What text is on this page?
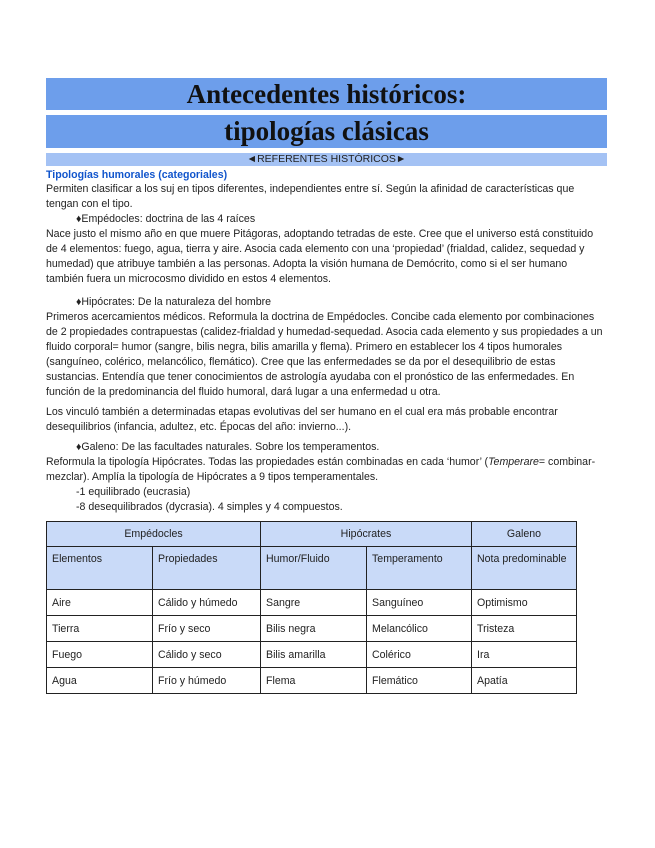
Antecedentes históricos:
tipologías clásicas
◄REFERENTES HISTÓRICOS►
Tipologías humorales (categoriales)

Permiten clasificar a los suj en tipos diferentes, independientes entre sí. Según la afinidad de características que tengan con el tipo.

♦Empédocles: doctrina de las 4 raíces

Nace justo el mismo año en que muere Pitágoras, adoptando tetradas de este. Cree que el universo está constituido de 4 elementos: fuego, agua, tierra y aire. Asocia cada elemento con una ‘propiedad’ (frialdad, calidez, sequedad y humedad) que atribuye también a las personas. Adopta la visión humana de Demócrito, como si el ser humano también fuera un microcosmo dividido en estos 4 elementos.

♦Hipócrates: De la naturaleza del hombre

Primeros acercamientos médicos. Reformula la doctrina de Empédocles. Concibe cada elemento por combinaciones de 2 propiedades contrapuestas (calidez-frialdad y humedad-sequedad. Asocia cada elemento y sus propiedades a un fluido corporal= humor (sangre, bilis negra, bilis amarilla y flema). Primero en establecer los 4 tipos humorales (sanguíneo, colérico, melancólico, flemático). Cree que las enfermedades se da por el desequilibrio de estas sustancias. Entendía que tener conocimientos de astrología ayudaba con el pronóstico de las enfermedades. En función de la predominancia del fluido humoral, dará lugar a una enfermedad u otra.

Los vinculó también a determinadas etapas evolutivas del ser humano en el cual era más probable encontrar desequilibrios (infancia, adultez, etc. Épocas del año: invierno...).

♦Galeno: De las facultades naturales. Sobre los temperamentos.

Reformula la tipología Hipócrates. Todas las propiedades están combinadas en cada ‘humor’ (Temperare= combinar-mezclar). Amplía la tipología de Hipócrates a 9 tipos temperamentales.

-1 equilibrado (eucrasia)

-8 desequilibrados (dycrasia). 4 simples y 4 compuestos.

Empédocles		Hipócrates		Galeno
Elementos	Propiedades	Humor/Fluido	Temperamento	Nota predominable
Aire	Cálido y húmedo	Sangre	Sanguíneo	Optimismo
Tierra	Frío y seco	Bilis negra	Melancólico	Tristeza
Fuego	Cálido y seco	Bilis amarilla	Colérico	Ira
Agua	Frío y húmedo	Flema	Flemático	Apatía
